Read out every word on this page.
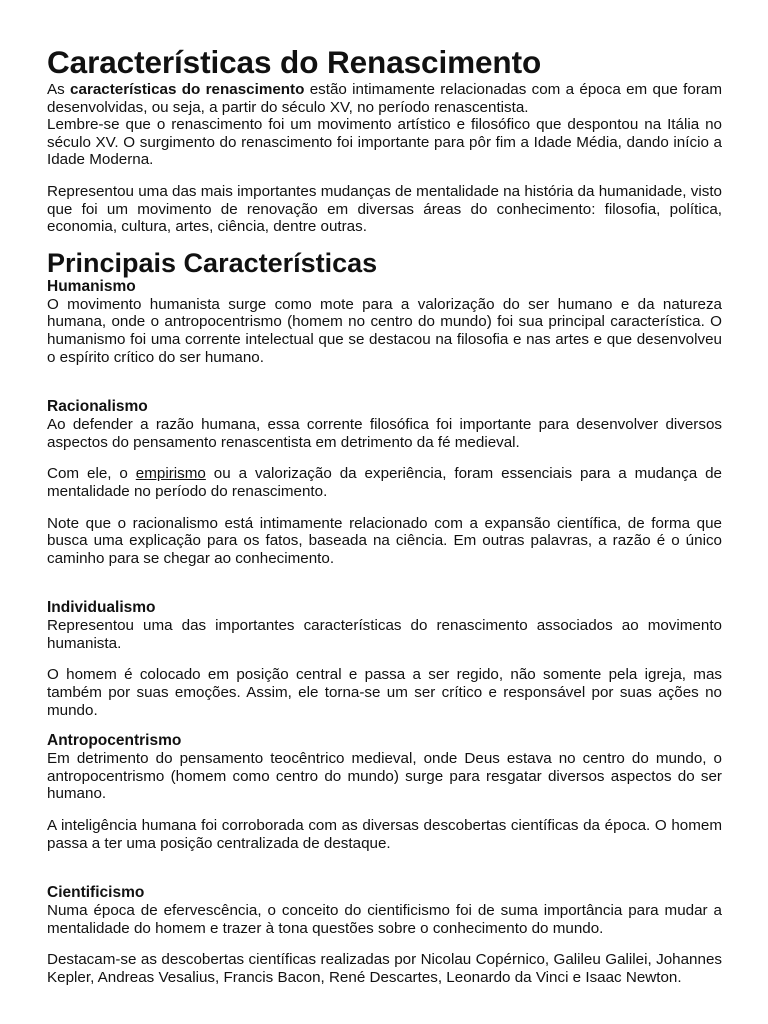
Características do Renascimento

As características do renascimento estão intimamente relacionadas com a época em que foram desenvolvidas, ou seja, a partir do século XV, no período renascentista.

Lembre-se que o renascimento foi um movimento artístico e filosófico que despontou na Itália no século XV. O surgimento do renascimento foi importante para pôr fim a Idade Média, dando início a Idade Moderna.

Representou uma das mais importantes mudanças de mentalidade na história da humanidade, visto que foi um movimento de renovação em diversas áreas do conhecimento: filosofia, política, economia, cultura, artes, ciência, dentre outras.

Principais Características
Humanismo

O movimento humanista surge como mote para a valorização do ser humano e da natureza humana, onde o antropocentrismo (homem no centro do mundo) foi sua principal característica. O humanismo foi uma corrente intelectual que se destacou na filosofia e nas artes e que desenvolveu o espírito crítico do ser humano.

Racionalismo

Ao defender a razão humana, essa corrente filosófica foi importante para desenvolver diversos aspectos do pensamento renascentista em detrimento da fé medieval.

Com ele, o empirismo ou a valorização da experiência, foram essenciais para a mudança de mentalidade no período do renascimento.

Note que o racionalismo está intimamente relacionado com a expansão científica, de forma que busca uma explicação para os fatos, baseada na ciência. Em outras palavras, a razão é o único caminho para se chegar ao conhecimento.

Individualismo

Representou uma das importantes características do renascimento associados ao movimento humanista.

O homem é colocado em posição central e passa a ser regido, não somente pela igreja, mas também por suas emoções. Assim, ele torna-se um ser crítico e responsável por suas ações no mundo.

Antropocentrismo

Em detrimento do pensamento teocêntrico medieval, onde Deus estava no centro do mundo, o antropocentrismo (homem como centro do mundo) surge para resgatar diversos aspectos do ser humano.

A inteligência humana foi corroborada com as diversas descobertas científicas da época. O homem passa a ter uma posição centralizada de destaque.

Cientificismo

Numa época de efervescência, o conceito do cientificismo foi de suma importância para mudar a mentalidade do homem e trazer à tona questões sobre o conhecimento do mundo.

Destacam-se as descobertas científicas realizadas por Nicolau Copérnico, Galileu Galilei, Johannes Kepler, Andreas Vesalius, Francis Bacon, René Descartes, Leonardo da Vinci e Isaac Newton.
